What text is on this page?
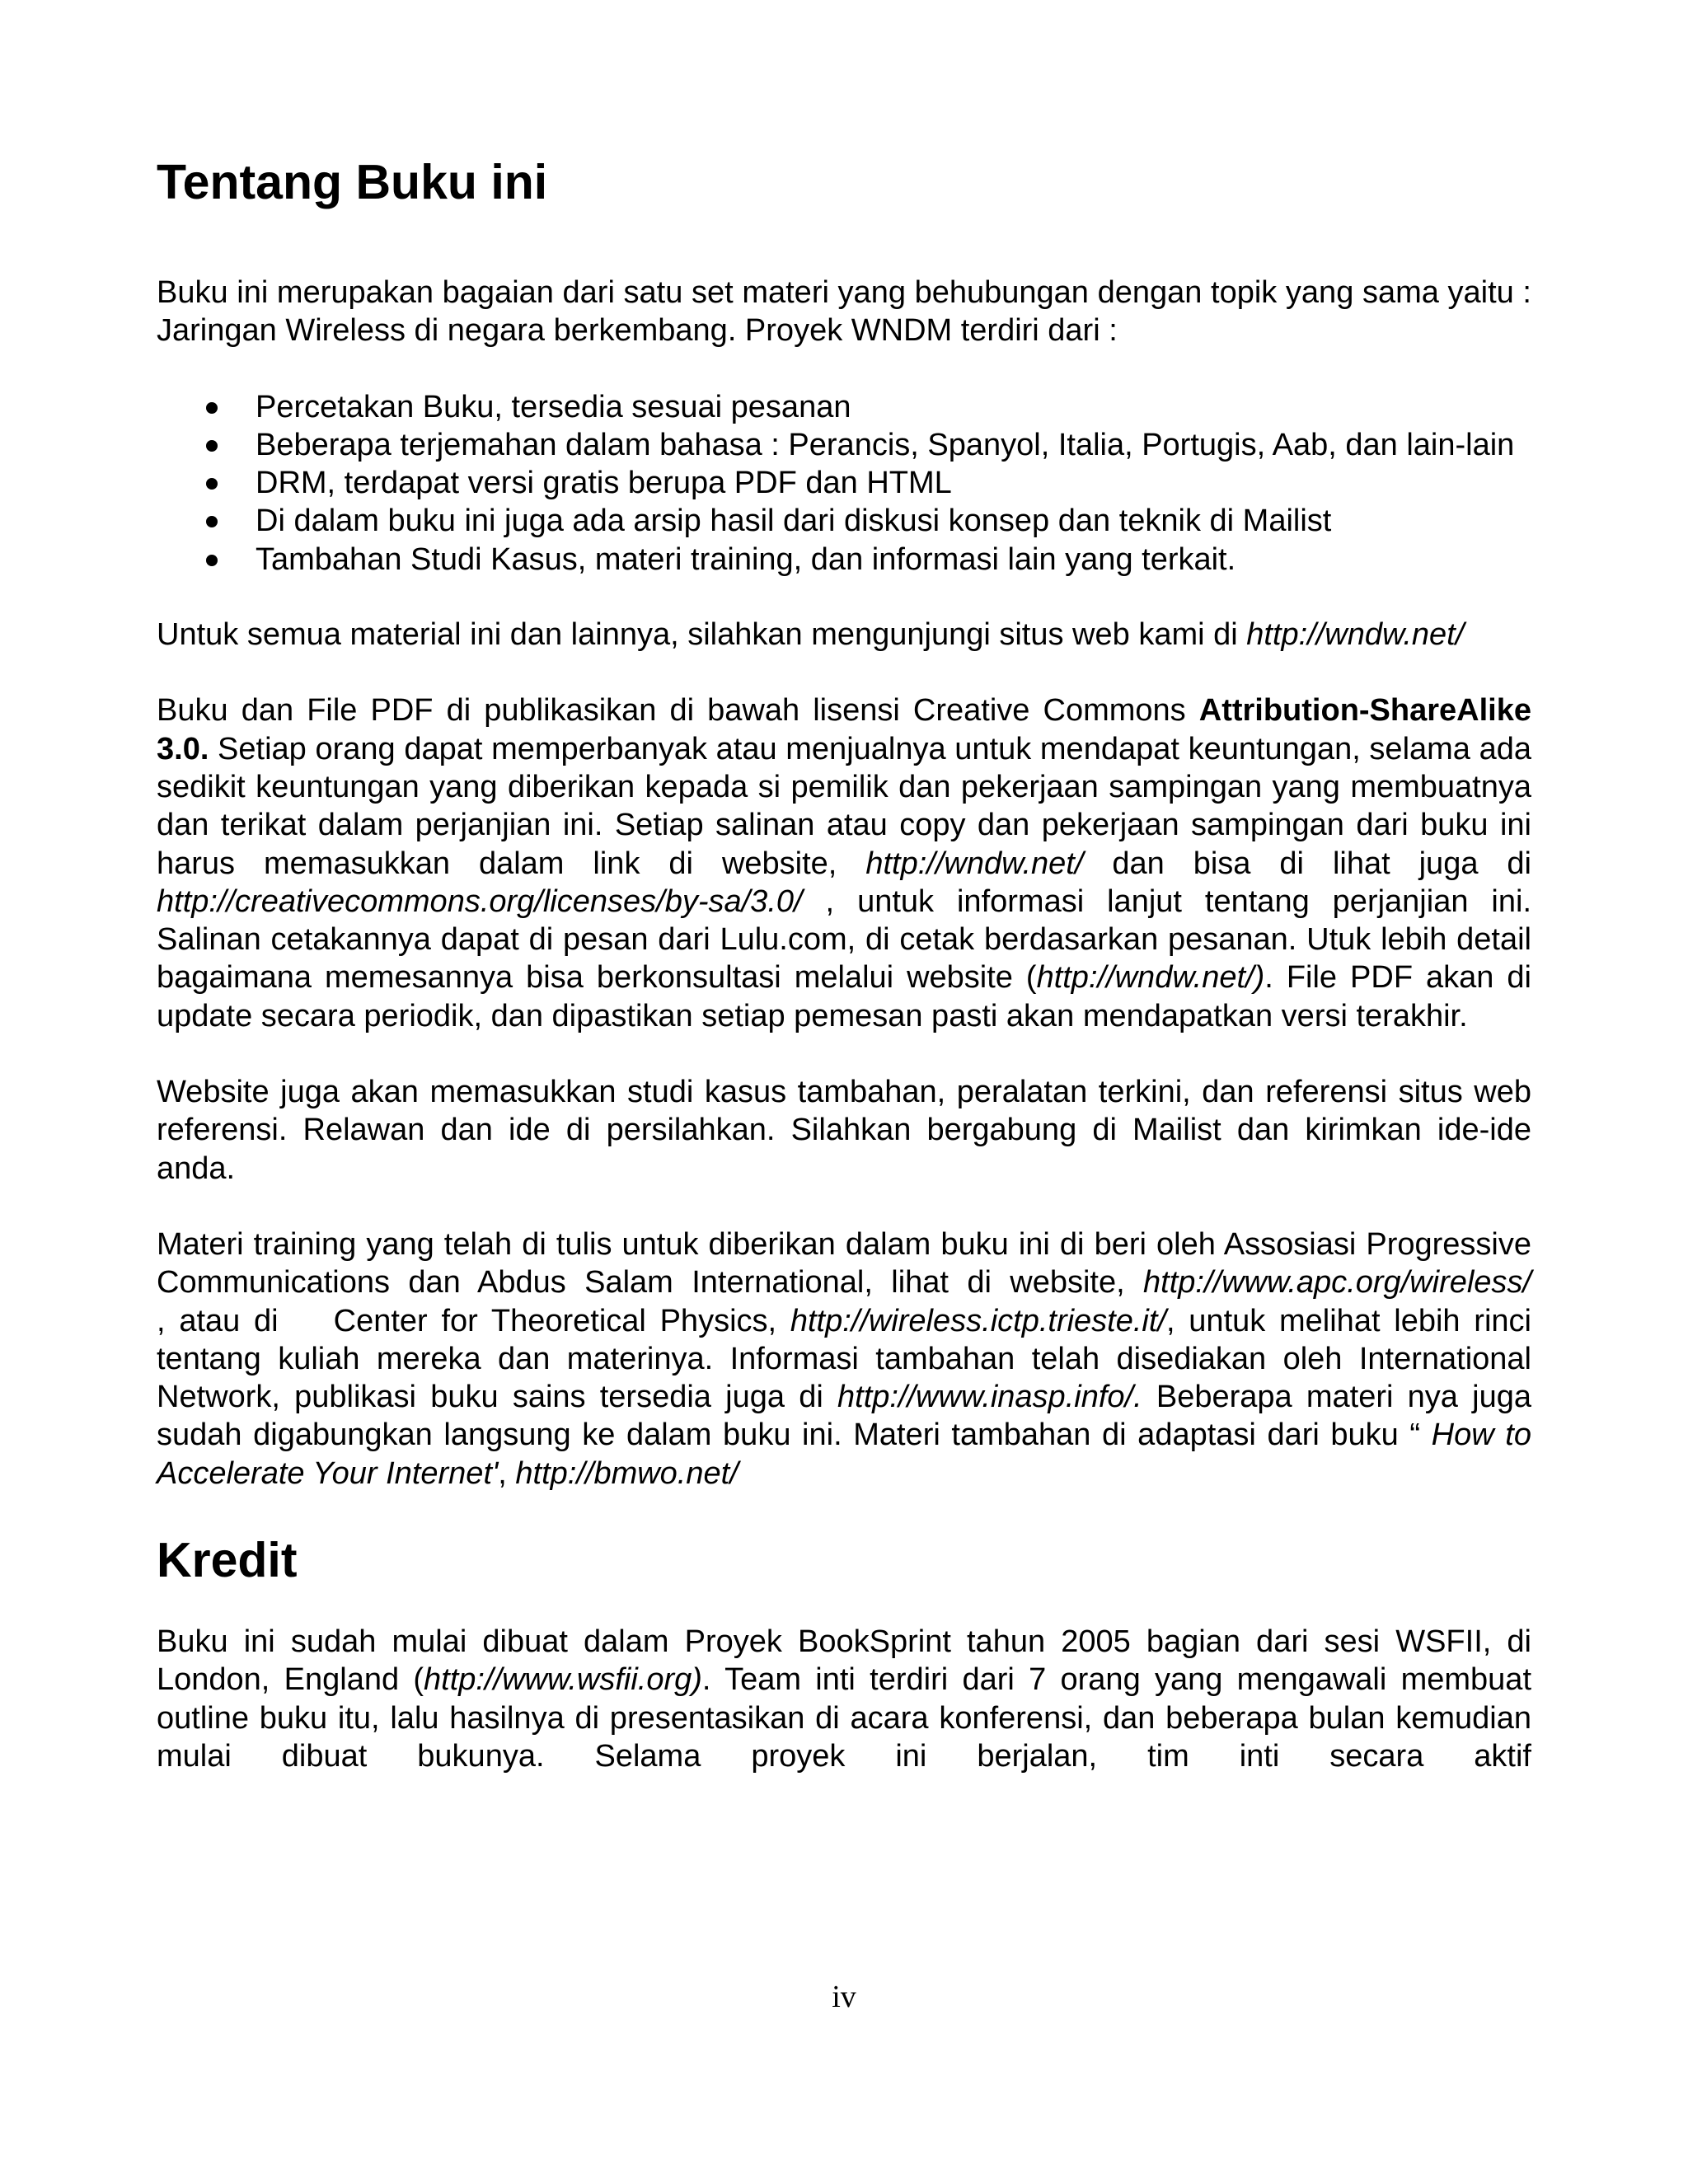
Tentang Buku ini

Buku ini merupakan bagaian dari satu set materi yang behubungan dengan topik yang sama yaitu : Jaringan Wireless di negara berkembang. Proyek WNDM terdiri dari :

Percetakan Buku, tersedia sesuai pesanan
Beberapa terjemahan dalam bahasa : Perancis, Spanyol, Italia, Portugis, Aab, dan lain-lain
DRM, terdapat versi gratis berupa PDF dan HTML
Di dalam buku ini juga ada arsip hasil dari diskusi konsep dan teknik di Mailist
Tambahan Studi Kasus, materi training, dan informasi lain yang terkait.

Untuk semua material ini dan lainnya, silahkan mengunjungi situs web kami di http://wndw.net/

Buku dan File PDF di publikasikan di bawah lisensi Creative Commons Attribution-ShareAlike 3.0. Setiap orang dapat memperbanyak atau menjualnya untuk mendapat keuntungan, selama ada sedikit keuntungan yang diberikan kepada si pemilik dan pekerjaan sampingan yang membuatnya dan terikat dalam perjanjian ini. Setiap salinan atau copy dan pekerjaan sampingan dari buku ini harus memasukkan dalam link di website, http://wndw.net/ dan bisa di lihat juga di http://creativecommons.org/licenses/by-sa/3.0/ , untuk informasi lanjut tentang perjanjian ini. Salinan cetakannya dapat di pesan dari Lulu.com, di cetak berdasarkan pesanan. Utuk lebih detail bagaimana memesannya bisa berkonsultasi melalui website (http://wndw.net/). File PDF akan di update secara periodik, dan dipastikan setiap pemesan pasti akan mendapatkan versi terakhir.

Website juga akan memasukkan studi kasus tambahan, peralatan terkini, dan referensi situs web referensi. Relawan dan ide di persilahkan. Silahkan bergabung di Mailist dan kirimkan ide-ide anda.

Materi training yang telah di tulis untuk diberikan dalam buku ini di beri oleh Assosiasi Progressive Communications dan Abdus Salam International, lihat di website, http://www.apc.org/wireless/        , atau di    Center for Theoretical Physics, http://wireless.ictp.trieste.it/, untuk melihat lebih rinci tentang kuliah mereka dan materinya. Informasi tambahan telah disediakan oleh International Network, publikasi buku sains tersedia juga di http://www.inasp.info/. Beberapa materi nya juga sudah digabungkan langsung ke dalam buku ini. Materi tambahan di adaptasi dari buku “ How to Accelerate Your Internet', http://bmwo.net/

Kredit

Buku ini sudah mulai dibuat dalam Proyek BookSprint tahun 2005 bagian dari sesi WSFII, di London, England (http://www.wsfii.org). Team inti terdiri dari 7 orang yang mengawali membuat outline buku itu, lalu hasilnya di presentasikan di acara konferensi, dan beberapa bulan kemudian mulai dibuat bukunya. Selama proyek ini berjalan, tim inti secara aktif

iv
